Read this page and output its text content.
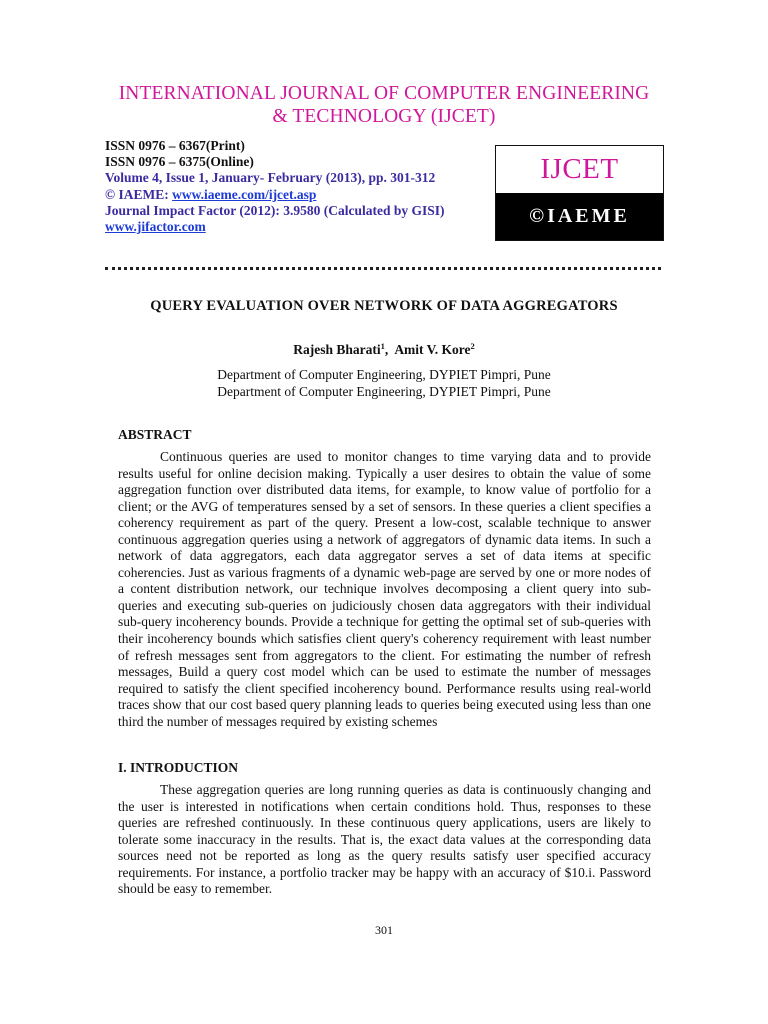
INTERNATIONAL JOURNAL OF COMPUTER ENGINEERING
& TECHNOLOGY (IJCET)
ISSN 0976 – 6367(Print)
ISSN 0976 – 6375(Online)
Volume 4, Issue 1, January- February (2013), pp. 301-312
© IAEME: www.iaeme.com/ijcet.asp
Journal Impact Factor (2012): 3.9580 (Calculated by GISI)
www.jifactor.com
IJCET
©IAEME
QUERY EVALUATION OVER NETWORK OF DATA AGGREGATORS
Rajesh Bharati$^1$,  Amit V. Kore$^2$
Department of Computer Engineering, DYPIET Pimpri, Pune
Department of Computer Engineering, DYPIET Pimpri, Pune
ABSTRACT

Continuous queries are used to monitor changes to time varying data and to provide results useful for online decision making. Typically a user desires to obtain the value of some aggregation function over distributed data items, for example, to know value of portfolio for a client; or the AVG of temperatures sensed by a set of sensors. In these queries a client specifies a coherency requirement as part of the query. Present a low-cost, scalable technique to answer continuous aggregation queries using a network of aggregators of dynamic data items. In such a network of data aggregators, each data aggregator serves a set of data items at specific coherencies. Just as various fragments of a dynamic web-page are served by one or more nodes of a content distribution network, our technique involves decomposing a client query into sub-queries and executing sub-queries on judiciously chosen data aggregators with their individual sub-query incoherency bounds. Provide a technique for getting the optimal set of sub-queries with their incoherency bounds which satisfies client query's coherency requirement with least number of refresh messages sent from aggregators to the client. For estimating the number of refresh messages, Build a query cost model which can be used to estimate the number of messages required to satisfy the client specified incoherency bound. Performance results using real-world traces show that our cost based query planning leads to queries being executed using less than one third the number of messages required by existing schemes

I. INTRODUCTION

These aggregation queries are long running queries as data is continuously changing and the user is interested in notifications when certain conditions hold. Thus, responses to these queries are refreshed continuously. In these continuous query applications, users are likely to tolerate some inaccuracy in the results. That is, the exact data values at the corresponding data sources need not be reported as long as the query results satisfy user specified accuracy requirements. For instance, a portfolio tracker may be happy with an accuracy of $10.i. Password should be easy to remember.

301
